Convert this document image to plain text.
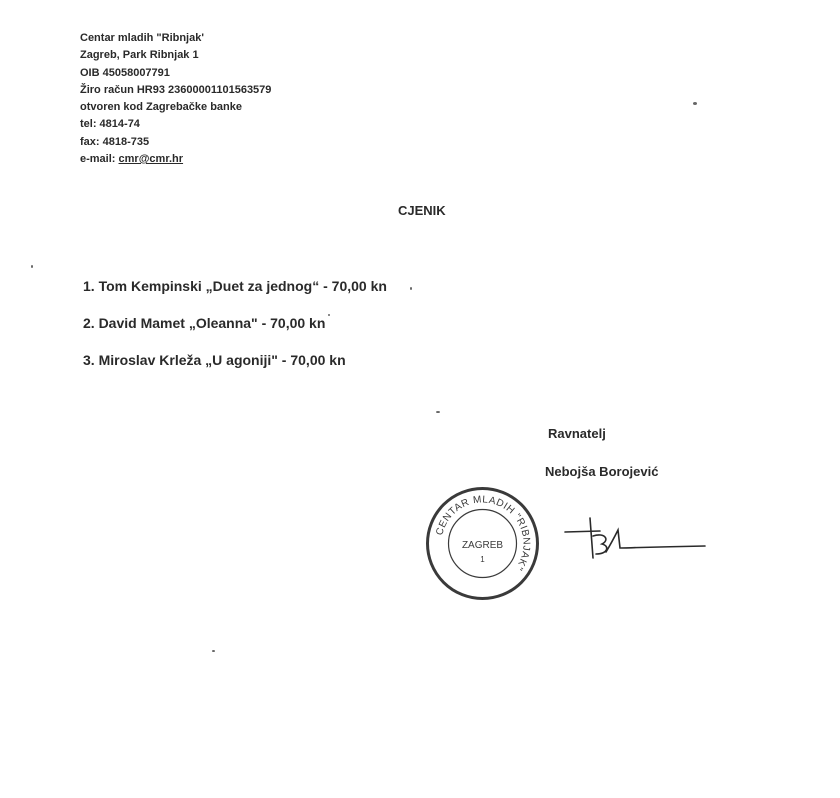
Centar mladih "Ribnjak'
Zagreb, Park Ribnjak 1
OIB 45058007791
Žiro račun HR93 2360000110156357​9
otvoren kod Zagrebačke banke
tel: 4814-74
fax: 4818-735
e-mail: cmr@cmr.hr
CJENIK
1. Tom Kempinski „Duet za jednog“ - 70,00 kn
2. David Mamet „Oleanna" - 70,00 kn
3. Miroslav Krleža „U agoniji" - 70,00 kn
Ravnatelj
Nebojša Borojević
CENTAR MLADIH "RIBNJAK"
ZAGREB
1
